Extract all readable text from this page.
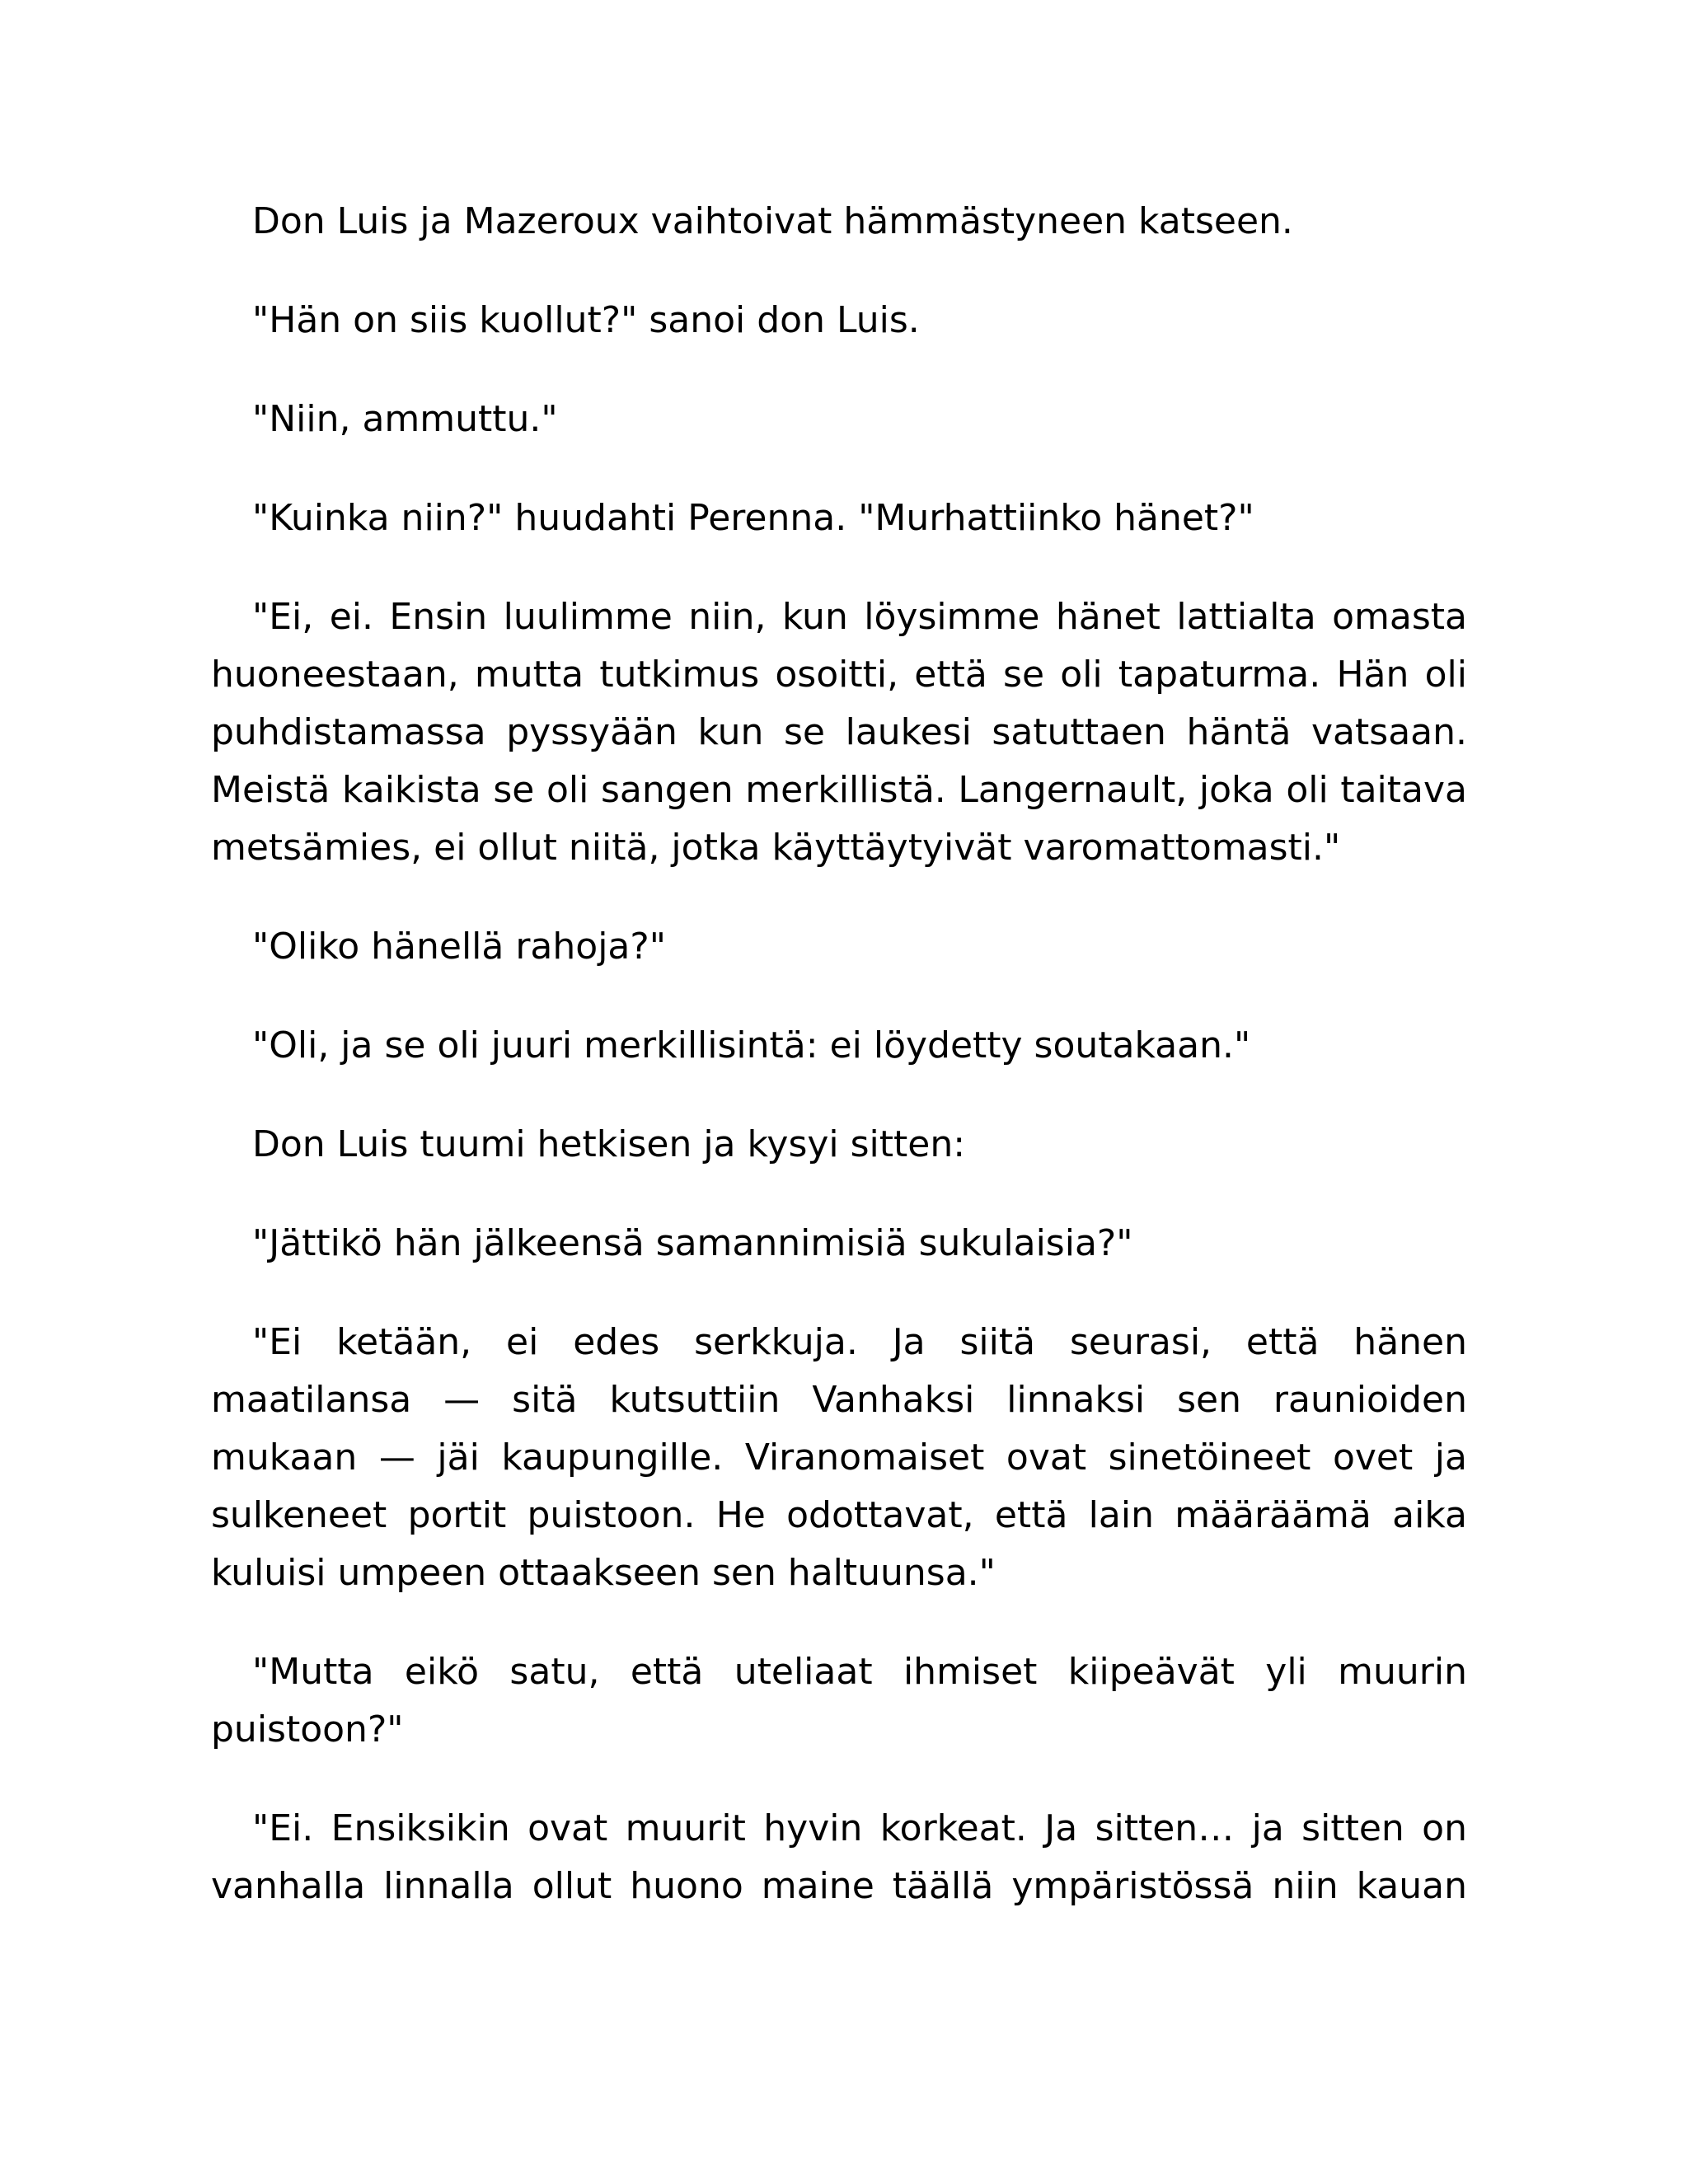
Don Luis ja Mazeroux vaihtoivat hämmästyneen katseen.

"Hän on siis kuollut?" sanoi don Luis.

"Niin, ammuttu."

"Kuinka niin?" huudahti Perenna. "Murhattiinko hänet?"

"Ei, ei. Ensin luulimme niin, kun löysimme hänet lattialta omasta huoneestaan, mutta tutkimus osoitti, että se oli tapaturma. Hän oli puhdistamassa pyssyään kun se laukesi satuttaen häntä vatsaan. Meistä kaikista se oli sangen merkillistä. Langernault, joka oli taitava metsämies, ei ollut niitä, jotka käyttäytyivät varomattomasti."

"Oliko hänellä rahoja?"

"Oli, ja se oli juuri merkillisintä: ei löydetty soutakaan."

Don Luis tuumi hetkisen ja kysyi sitten:

"Jättikö hän jälkeensä samannimisiä sukulaisia?"

"Ei ketään, ei edes serkkuja. Ja siitä seurasi, että hänen maatilansa — sitä kutsuttiin Vanhaksi linnaksi sen raunioiden mukaan — jäi kaupungille. Viranomaiset ovat sinetöineet ovet ja sulkeneet portit puistoon. He odottavat, että lain määräämä aika kuluisi umpeen ottaakseen sen haltuunsa."

"Mutta eikö satu, että uteliaat ihmiset kiipeävät yli muurin puistoon?"

"Ei. Ensiksikin ovat muurit hyvin korkeat. Ja sitten… ja sitten on vanhalla linnalla ollut huono maine täällä ympäristössä niin kauan
